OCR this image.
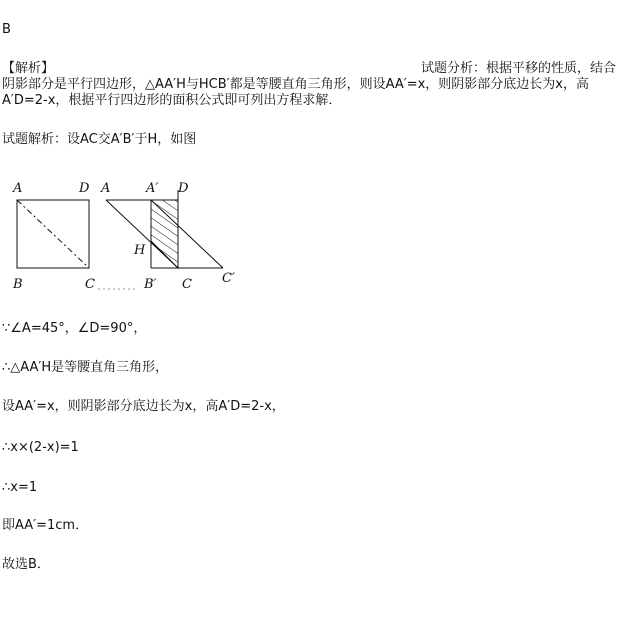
B
【解析】	试题分析：根据平移的性质，结合
阴影部分是平行四边形，△AA′H与HCB′都是等腰直角三角形，则设AA′=x，则阴影部分底边长为x，高
A′D=2-x，根据平行四边形的面积公式即可列出方程求解．
试题解析：设AC交A′B′于H，如图
A	D
B	C
A	A′ D
H
B′ C C′
∵∠A=45°，∠D=90°，
∴△AA′H是等腰直角三角形，
设AA′=x，则阴影部分底边长为x，高A′D=2-x，
∴x×(2-x)=1
∴x=1
即AA′=1cm．
故选B．
